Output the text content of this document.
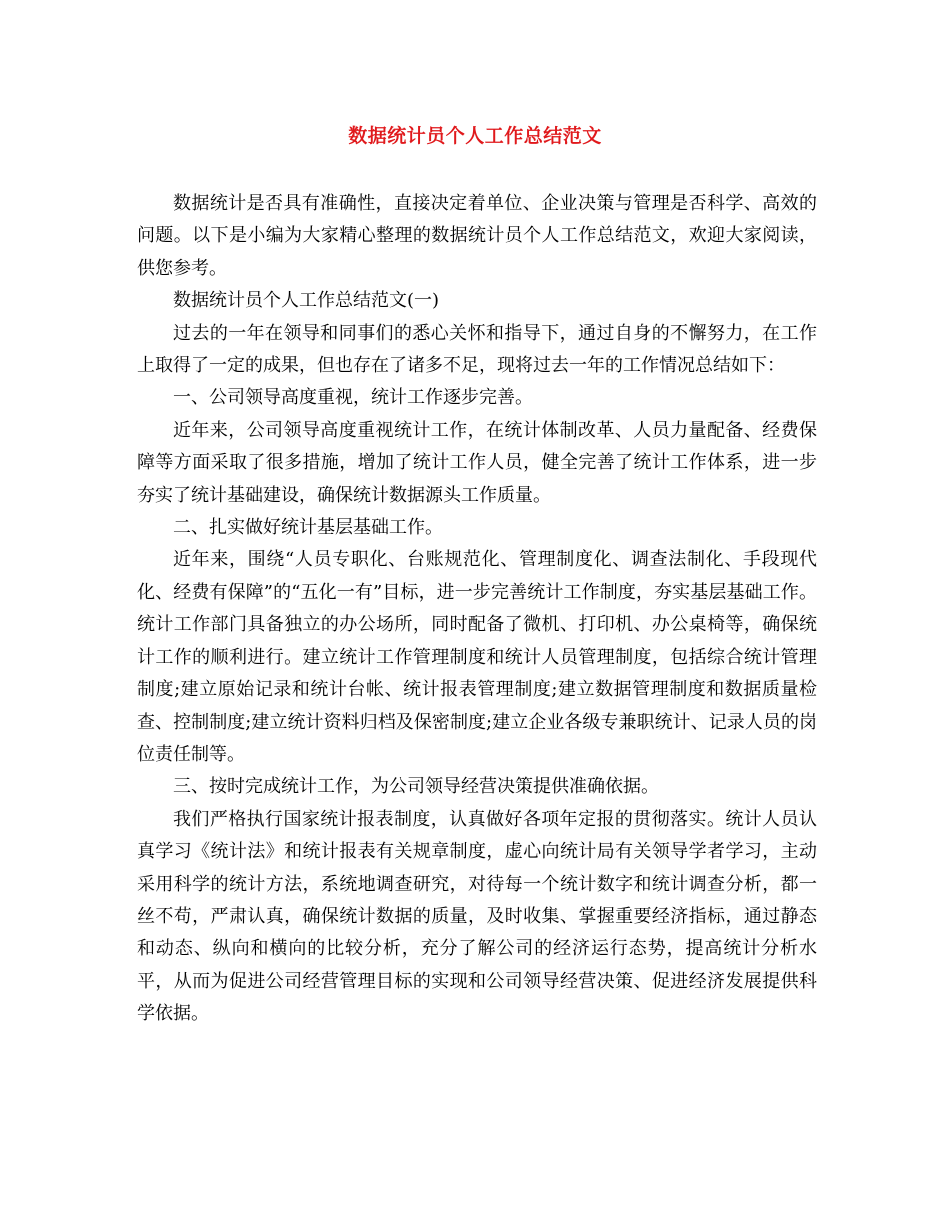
数据统计员个人工作总结范文

数据统计是否具有准确性，直接决定着单位、企业决策与管理是否科学、高效的问题。以下是小编为大家精心整理的数据统计员个人工作总结范文，欢迎大家阅读，供您参考。

数据统计员个人工作总结范文(一)

过去的一年在领导和同事们的悉心关怀和指导下，通过自身的不懈努力，在工作上取得了一定的成果，但也存在了诸多不足，现将过去一年的工作情况总结如下：

一、公司领导高度重视，统计工作逐步完善。

近年来，公司领导高度重视统计工作，在统计体制改革、人员力量配备、经费保障等方面采取了很多措施，增加了统计工作人员，健全完善了统计工作体系，进一步夯实了统计基础建设，确保统计数据源头工作质量。

二、扎实做好统计基层基础工作。

近年来，围绕“人员专职化、台账规范化、管理制度化、调查法制化、手段现代化、经费有保障”的“五化一有”目标，进一步完善统计工作制度，夯实基层基础工作。统计工作部门具备独立的办公场所，同时配备了微机、打印机、办公桌椅等，确保统计工作的顺利进行。建立统计工作管理制度和统计人员管理制度，包括综合统计管理制度;建立原始记录和统计台帐、统计报表管理制度;建立数据管理制度和数据质量检查、控制制度;建立统计资料归档及保密制度;建立企业各级专兼职统计、记录人员的岗位责任制等。

三、按时完成统计工作，为公司领导经营决策提供准确依据。

我们严格执行国家统计报表制度，认真做好各项年定报的贯彻落实。统计人员认真学习《统计法》和统计报表有关规章制度，虚心向统计局有关领导学者学习，主动采用科学的统计方法，系统地调查研究，对待每一个统计数字和统计调查分析，都一丝不苟，严肃认真，确保统计数据的质量，及时收集、掌握重要经济指标，通过静态和动态、纵向和横向的比较分析，充分了解公司的经济运行态势，提高统计分析水平，从而为促进公司经营管理目标的实现和公司领导经营决策、促进经济发展提供科学依据。
